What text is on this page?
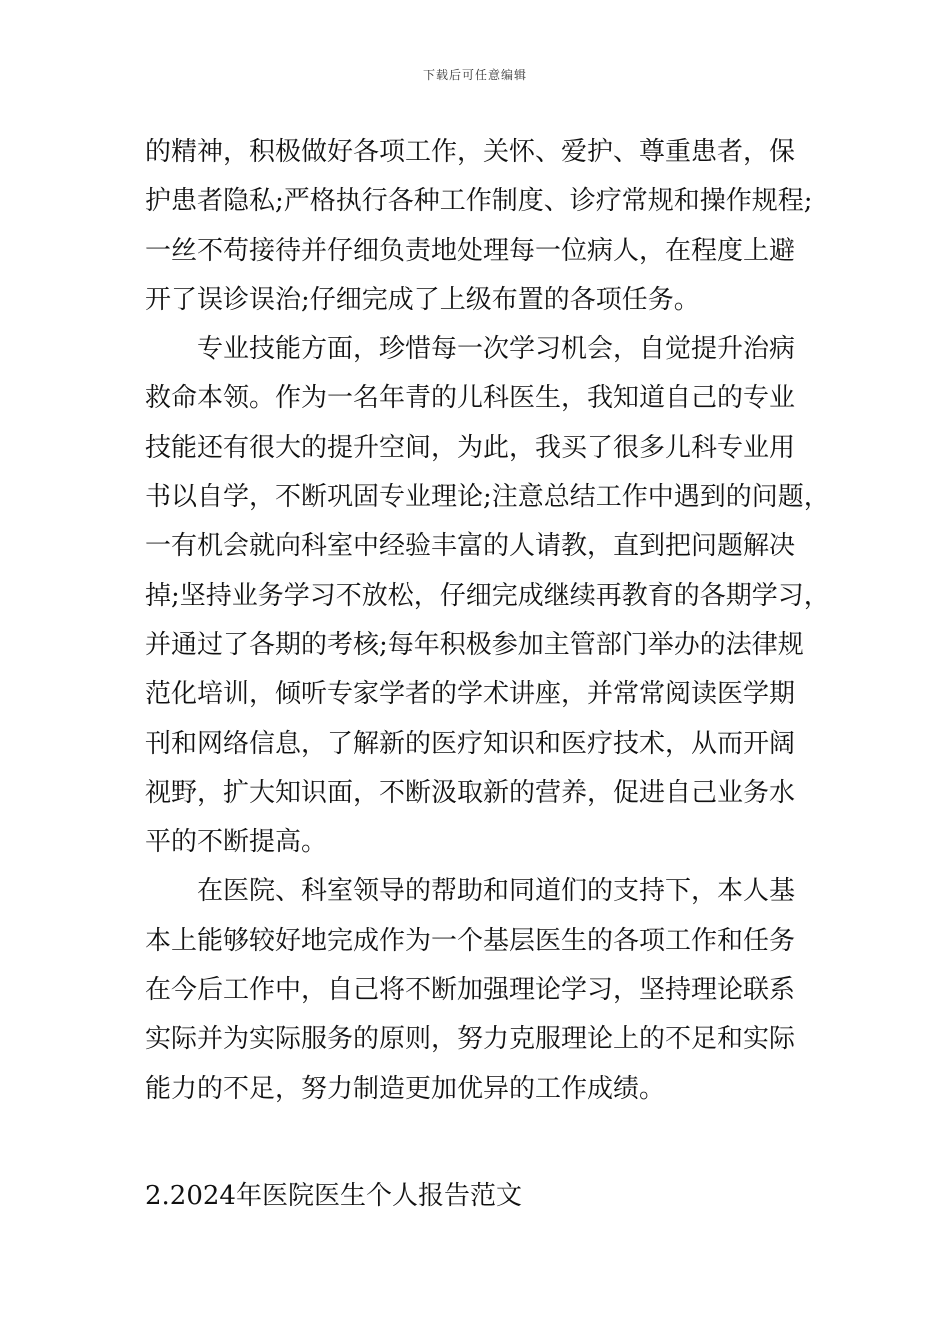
下载后可任意编辑
的精神，积极做好各项工作，关怀、爱护、尊重患者，保
护患者隐私;严格执行各种工作制度、诊疗常规和操作规程;
一丝不苟接待并仔细负责地处理每一位病人，在程度上避
开了误诊误治;仔细完成了上级布置的各项任务。
专业技能方面，珍惜每一次学习机会，自觉提升治病
救命本领。作为一名年青的儿科医生，我知道自己的专业
技能还有很大的提升空间，为此，我买了很多儿科专业用
书以自学，不断巩固专业理论;注意总结工作中遇到的问题，
一有机会就向科室中经验丰富的人请教，直到把问题解决
掉;坚持业务学习不放松，仔细完成继续再教育的各期学习，
并通过了各期的考核;每年积极参加主管部门举办的法律规
范化培训，倾听专家学者的学术讲座，并常常阅读医学期
刊和网络信息，了解新的医疗知识和医疗技术，从而开阔
视野，扩大知识面，不断汲取新的营养，促进自己业务水
平的不断提高。
在医院、科室领导的帮助和同道们的支持下，本人基
本上能够较好地完成作为一个基层医生的各项工作和任务
在今后工作中，自己将不断加强理论学习，坚持理论联系
实际并为实际服务的原则，努力克服理论上的不足和实际
能力的不足，努力制造更加优异的工作成绩。
2.2024年医院医生个人报告范文
